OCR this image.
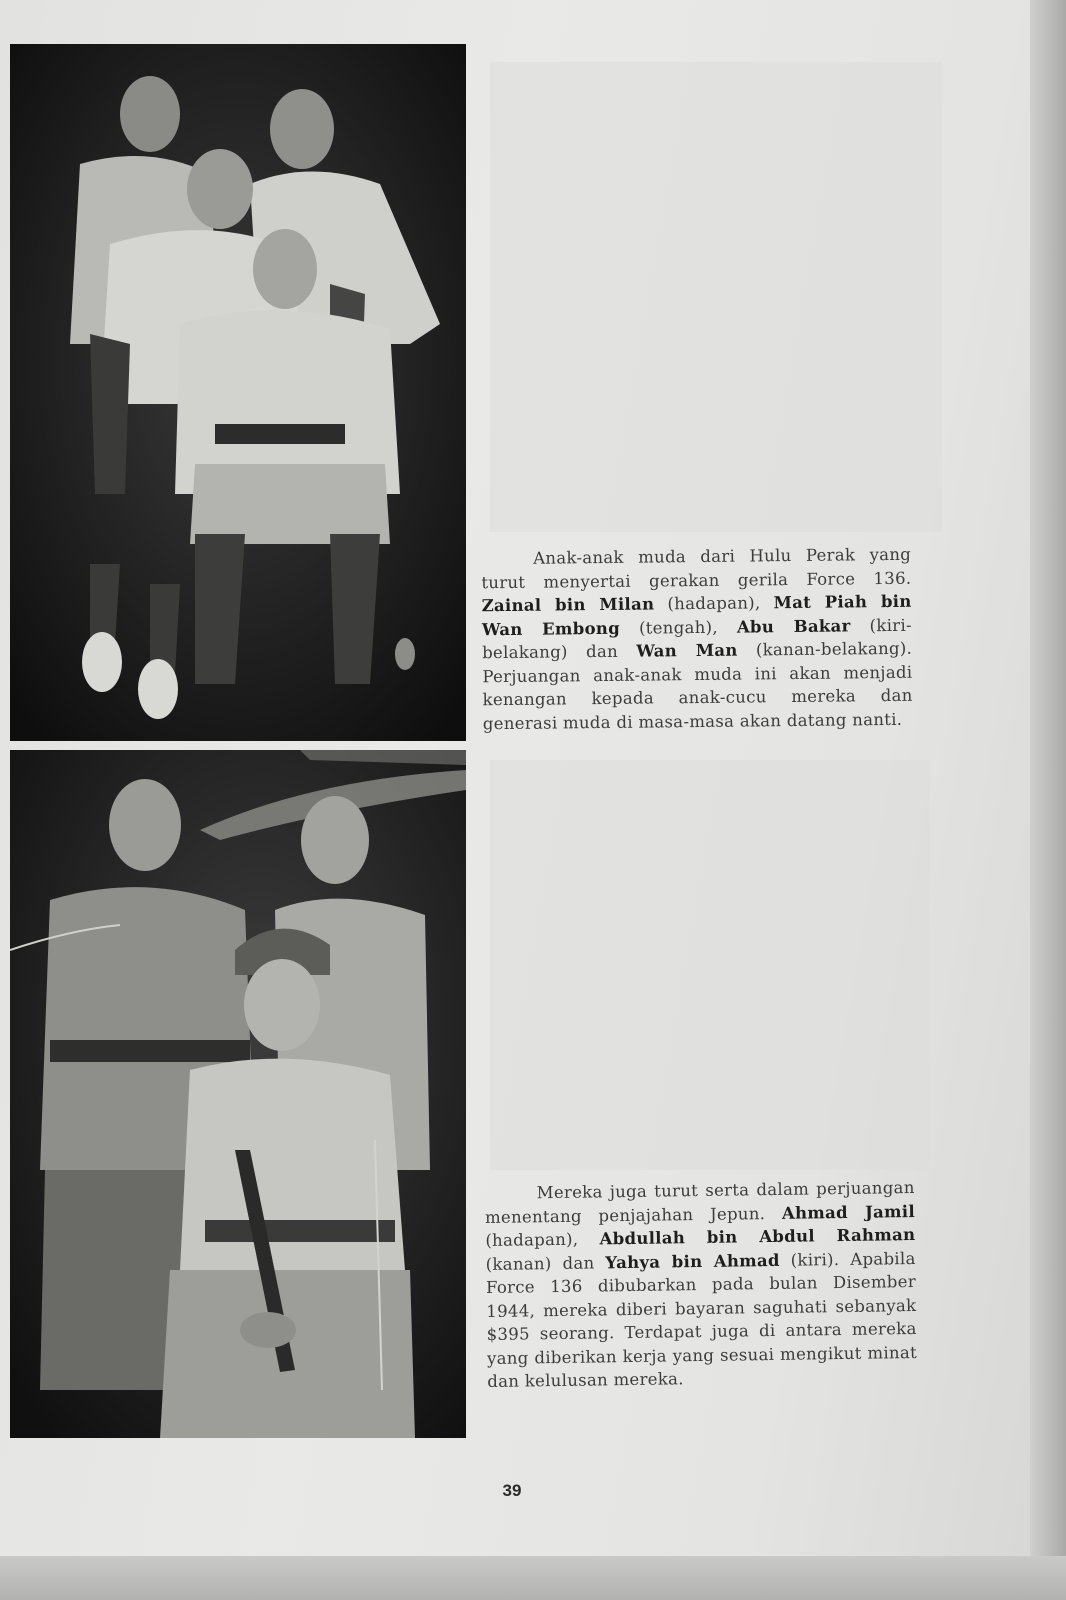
Anak-anak muda dari Hulu Perak yang turut menyertai gerakan gerila Force 136. Zainal bin Milan (hadapan), Mat Piah bin Wan Embong (tengah), Abu Bakar (kiri-belakang) dan Wan Man (kanan-belakang). Perjuangan anak-anak muda ini akan menjadi kenangan kepada anak-cucu mereka dan generasi muda di masa-masa akan datang nanti.
Mereka juga turut serta dalam perjuangan menentang penjajahan Jepun. Ahmad Jamil (hadapan), Abdullah bin Abdul Rahman (kanan) dan Yahya bin Ahmad (kiri). Apabila Force 136 dibubarkan pada bulan Disember 1944, mereka diberi bayaran saguhati sebanyak $395 seorang. Terdapat juga di antara mereka yang diberikan kerja yang sesuai mengikut minat dan kelulusan mereka.
39
